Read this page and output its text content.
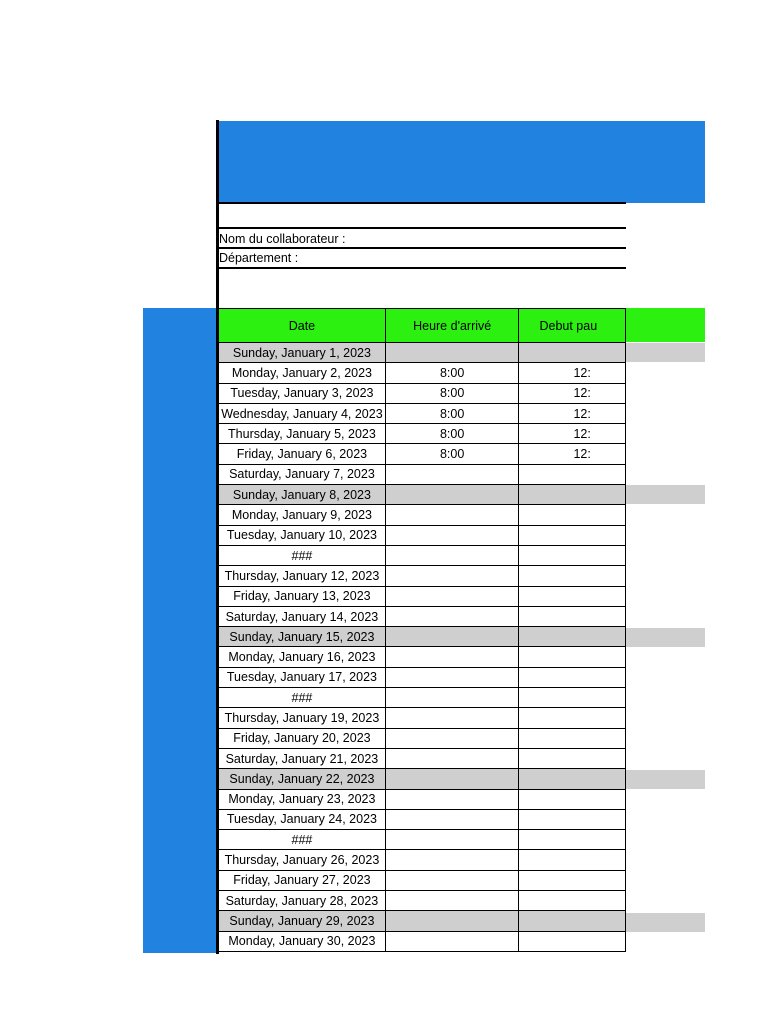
Nom du collaborateur :
Département :
Date	Heure d'arrivé	Debut pau
Sunday, January 1, 2023		
Monday, January 2, 2023	8:00	12:
Tuesday, January 3, 2023	8:00	12:
Wednesday, January 4, 2023	8:00	12:
Thursday, January 5, 2023	8:00	12:
Friday, January 6, 2023	8:00	12:
Saturday, January 7, 2023		
Sunday, January 8, 2023		
Monday, January 9, 2023		
Tuesday, January 10, 2023		
###		
Thursday, January 12, 2023		
Friday, January 13, 2023		
Saturday, January 14, 2023		
Sunday, January 15, 2023		
Monday, January 16, 2023		
Tuesday, January 17, 2023		
###		
Thursday, January 19, 2023		
Friday, January 20, 2023		
Saturday, January 21, 2023		
Sunday, January 22, 2023		
Monday, January 23, 2023		
Tuesday, January 24, 2023		
###		
Thursday, January 26, 2023		
Friday, January 27, 2023		
Saturday, January 28, 2023		
Sunday, January 29, 2023		
Monday, January 30, 2023		
